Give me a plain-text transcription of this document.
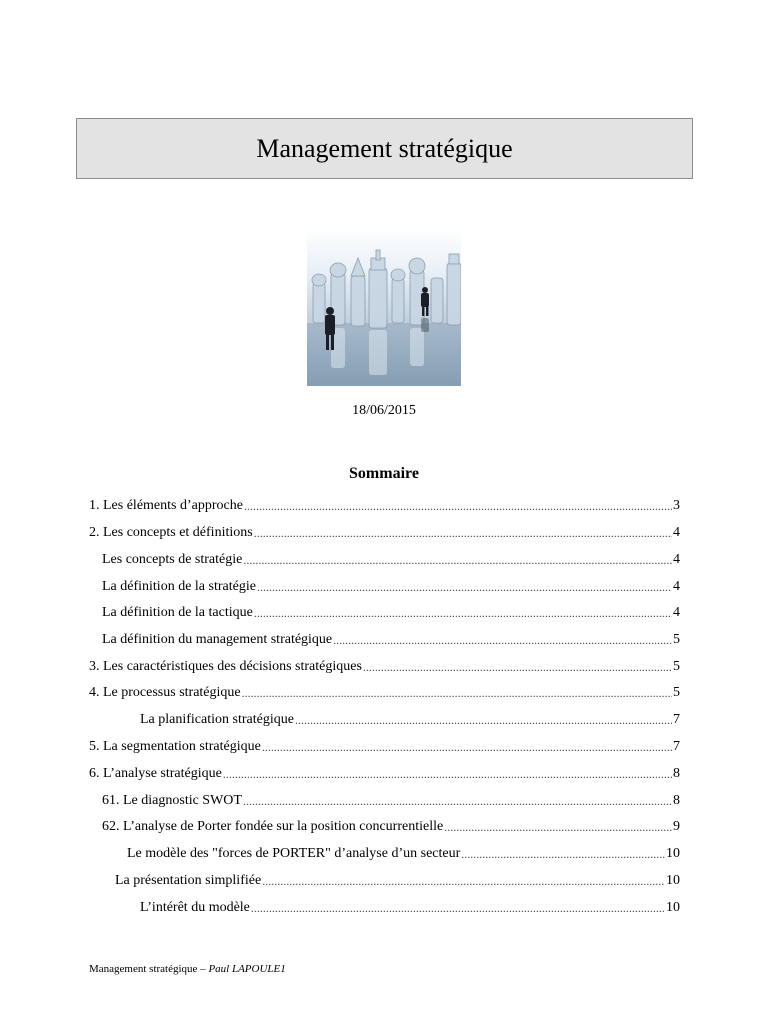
Management stratégique
18/06/2015
Sommaire
1. Les éléments d’approche .....	3
2. Les concepts et définitions .....	4
Les concepts de stratégie .....	4
La définition de la stratégie .....	4
La définition de la tactique .....	4
La définition du management stratégique .....	5
3. Les caractéristiques des décisions stratégiques .....	5
4. Le processus stratégique .....	5
La planification stratégique .....	7
5. La segmentation stratégique .....	7
6. L’analyse stratégique .....	8
61. Le diagnostic SWOT .....	8
62. L’analyse de Porter fondée sur la position concurrentielle .....	9
Le modèle des "forces de PORTER" d’analyse d’un secteur .....	10
La présentation simplifiée .....	10
L’intérêt du modèle .....	10
Management stratégique – Paul LAPOULE1
